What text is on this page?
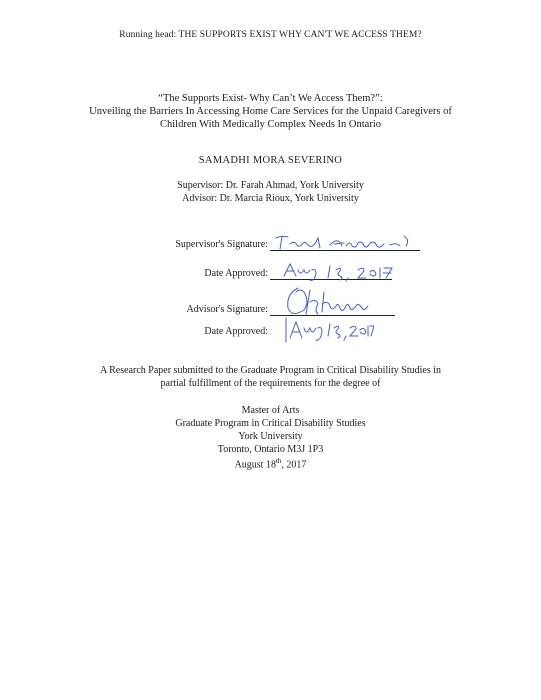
Running head: THE SUPPORTS EXIST WHY CAN'T WE ACCESS THEM?
“The Supports Exist- Why Can’t We Access Them?”:
Unveiling the Barriers In Accessing Home Care Services for the Unpaid Caregivers of
Children With Medically Complex Needs In Ontario
SAMADHI MORA SEVERINO
Supervisor: Dr. Farah Ahmad, York University
Advisor: Dr. Marcia Rioux, York University
Supervisor's Signature:
Date Approved:
Advisor's Signature:
Date Approved:
A Research Paper submitted to the Graduate Program in Critical Disability Studies in
partial fulfillment of the requirements for the degree of
Master of Arts
Graduate Program in Critical Disability Studies
York University
Toronto, Ontario M3J 1P3
August 18th, 2017
